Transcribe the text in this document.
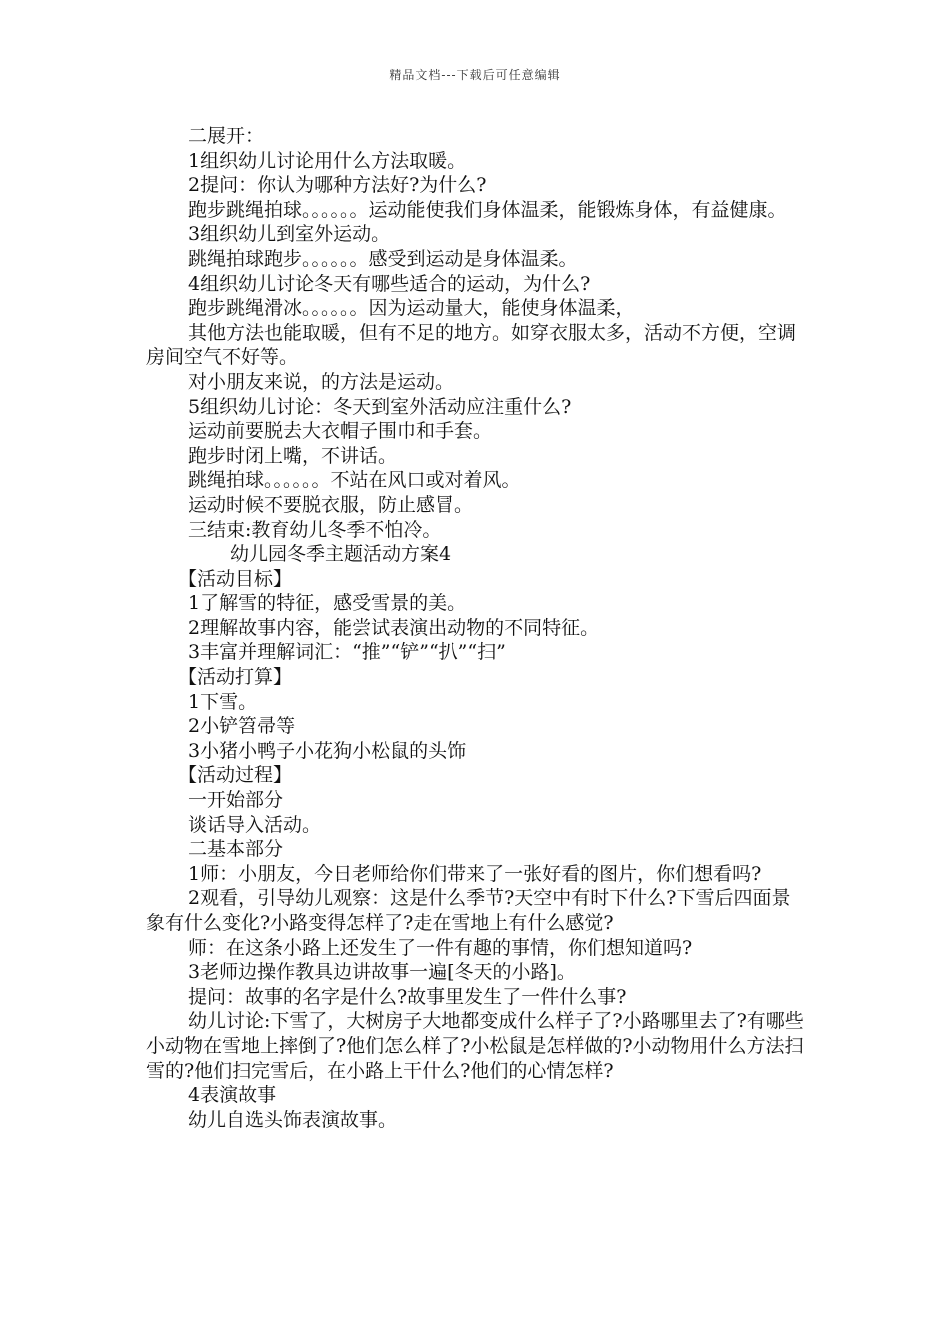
精品文档---下载后可任意编辑

二展开：

1组织幼儿讨论用什么方法取暖。

2提问：你认为哪种方法好?为什么?

跑步跳绳拍球。。。。。。运动能使我们身体温柔，能锻炼身体，有益健康。

3组织幼儿到室外运动。

跳绳拍球跑步。。。。。。感受到运动是身体温柔。

4组织幼儿讨论冬天有哪些适合的运动，为什么?

跑步跳绳滑冰。。。。。。因为运动量大，能使身体温柔，

其他方法也能取暖，但有不足的地方。如穿衣服太多，活动不方便，空调房间空气不好等。

对小朋友来说，的方法是运动。

5组织幼儿讨论：冬天到室外活动应注重什么?

运动前要脱去大衣帽子围巾和手套。

跑步时闭上嘴，不讲话。

跳绳拍球。。。。。。不站在风口或对着风。

运动时候不要脱衣服，防止感冒。

三结束:教育幼儿冬季不怕冷。

幼儿园冬季主题活动方案4

【活动目标】

1了解雪的特征，感受雪景的美。

2理解故事内容，能尝试表演出动物的不同特征。

3丰富并理解词汇：“推”“铲”“扒”“扫”

【活动打算】

1下雪。

2小铲笤帚等

3小猪小鸭子小花狗小松鼠的头饰

【活动过程】

一开始部分

谈话导入活动。

二基本部分

1师：小朋友，今日老师给你们带来了一张好看的图片，你们想看吗?

2观看，引导幼儿观察：这是什么季节?天空中有时下什么?下雪后四面景象有什么变化?小路变得怎样了?走在雪地上有什么感觉?

师：在这条小路上还发生了一件有趣的事情，你们想知道吗?

3老师边操作教具边讲故事一遍[冬天的小路]。

提问：故事的名字是什么?故事里发生了一件什么事?

幼儿讨论:下雪了，大树房子大地都变成什么样子了?小路哪里去了?有哪些小动物在雪地上摔倒了?他们怎么样了?小松鼠是怎样做的?小动物用什么方法扫雪的?他们扫完雪后，在小路上干什么?他们的心情怎样?

4表演故事

幼儿自选头饰表演故事。
